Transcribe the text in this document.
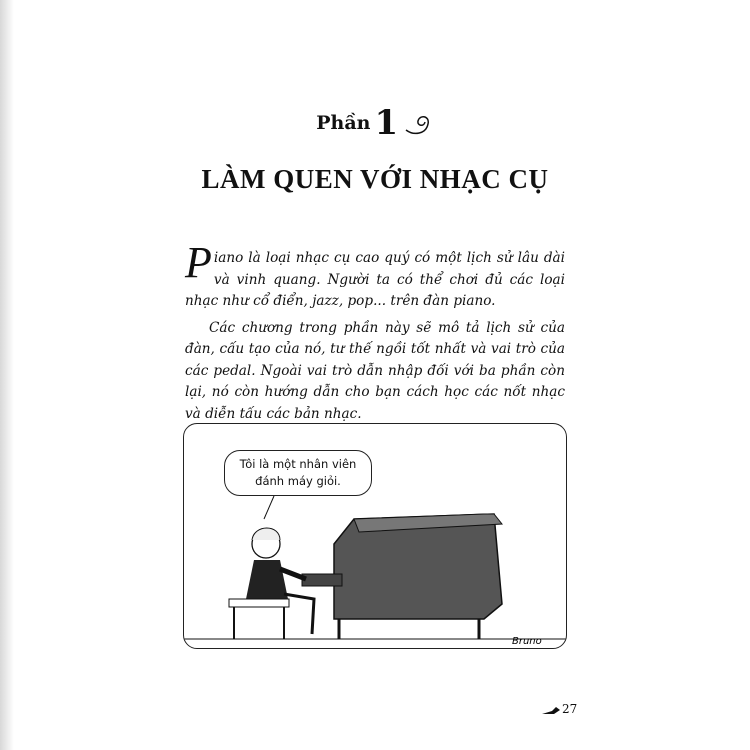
Phần 1
LÀM QUEN VỚI NHẠC CỤ

Piano là loại nhạc cụ cao quý có một lịch sử lâu dài và vinh quang. Người ta có thể chơi đủ các loại nhạc như cổ điển, jazz, pop... trên đàn piano.

Các chương trong phần này sẽ mô tả lịch sử của đàn, cấu tạo của nó, tư thế ngồi tốt nhất và vai trò của các pedal. Ngoài vai trò dẫn nhập đối với ba phần còn lại, nó còn hướng dẫn cho bạn cách học các nốt nhạc và diễn tấu các bản nhạc.

Bruno
Tôi là một nhân viên
đánh máy giỏi.
27
